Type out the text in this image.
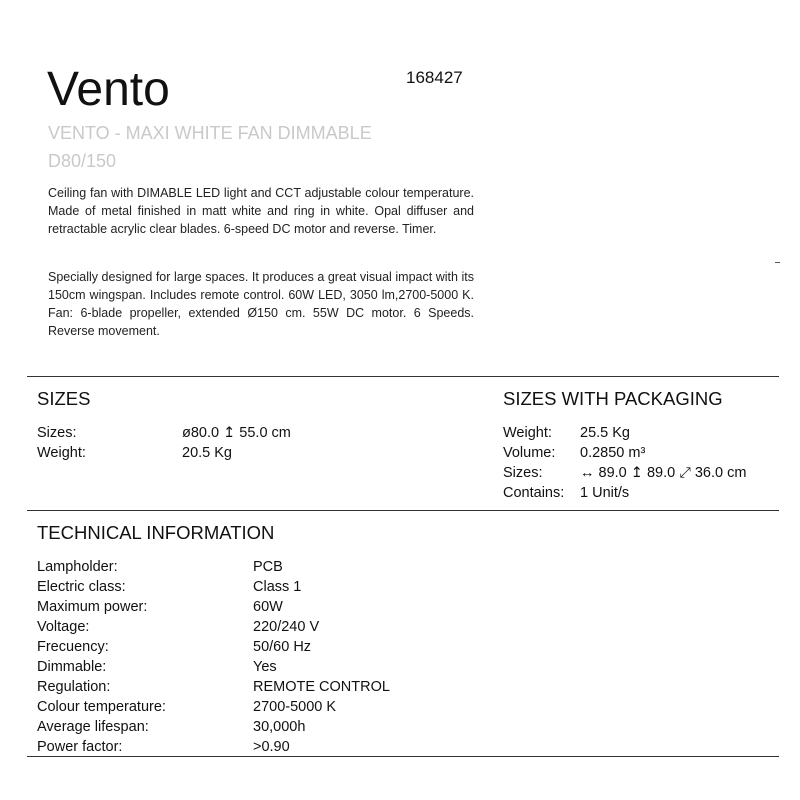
Vento	168427
VENTO - MAXI WHITE FAN DIMMABLE D80/150
Ceiling fan with DIMABLE LED light and CCT adjustable colour temperature. Made of metal finished in matt white and ring in white. Opal diffuser and retractable acrylic clear blades. 6-speed DC motor and reverse. Timer.
Specially designed for large spaces. It produces a great visual impact with its 150cm wingspan. Includes remote control. 60W LED, 3050 lm,2700-5000 K. Fan: 6-blade propeller, extended Ø150 cm. 55W DC motor. 6 Speeds. Reverse movement.
SIZES
Sizes:	ø80.0 ↥ 55.0 cm
Weight:	20.5 Kg
SIZES WITH PACKAGING
Weight: 25.5 Kg
Volume: 0.2850 m³
Sizes:	↔ 89.0 ↥ 89.0 ⤢ 36.0 cm
Contains: 1 Unit/s
TECHNICAL INFORMATION
Lampholder:	PCB
Electric class:	Class 1
Maximum power:	60W
Voltage:	220/240 V
Frecuency:	50/60 Hz
Dimmable:	Yes
Regulation:	REMOTE CONTROL
Colour temperature:	2700-5000 K
Average lifespan:	30,000h
Power factor:	>0.90
